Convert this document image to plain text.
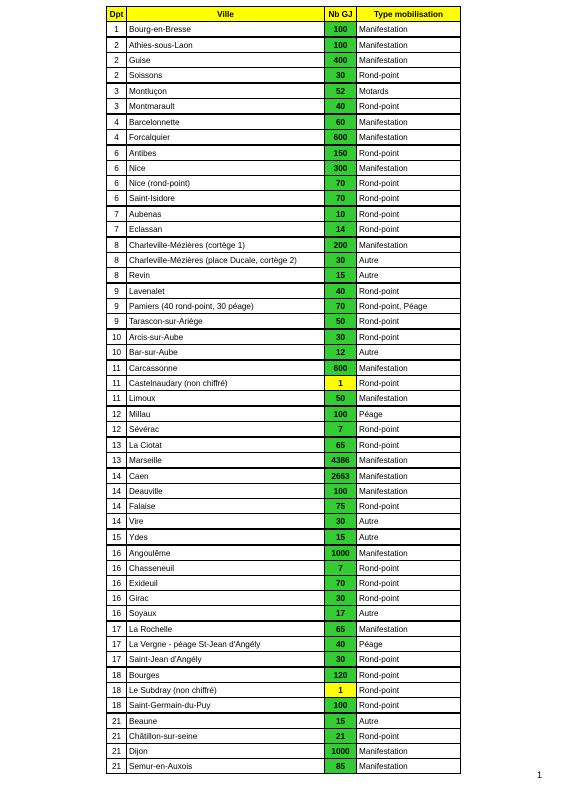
Dpt	Ville	Nb GJ	Type mobilisation
1	Bourg-en-Bresse	100	Manifestation
2	Athies-sous-Laon	100	Manifestation
2	Guise	400	Manifestation
2	Soissons	30	Rond-point
3	Montluçon	52	Motards
3	Montmarault	40	Rond-point
4	Barcelonnette	60	Manifestation
4	Forcalquier	600	Manifestation
6	Antibes	150	Rond-point
6	Nice	300	Manifestation
6	Nice (rond-point)	70	Rond-point
6	Saint-Isidore	70	Rond-point
7	Aubenas	10	Rond-point
7	Eclassan	14	Rond-point
8	Charleville-Mézières (cortège 1)	200	Manifestation
8	Charleville-Mézières (place Ducale, cortège 2)	30	Autre
8	Revin	15	Autre
9	Lavenalet	40	Rond-point
9	Pamiers (40 rond-point, 30 péage)	70	Rond-point, Péage
9	Tarascon-sur-Ariège	50	Rond-point
10	Arcis-sur-Aube	30	Rond-point
10	Bar-sur-Aube	12	Autre
11	Carcassonne	600	Manifestation
11	Castelnaudary (non chiffré)	1	Rond-point
11	Limoux	50	Manifestation
12	Millau	100	Péage
12	Sévérac	7	Rond-point
13	La Ciotat	65	Rond-point
13	Marseille	4386	Manifestation
14	Caen	2663	Manifestation
14	Deauville	100	Manifestation
14	Falaise	75	Rond-point
14	Vire	30	Autre
15	Ydes	15	Autre
16	Angoulême	1000	Manifestation
16	Chasseneuil	7	Rond-point
16	Exideuil	70	Rond-point
16	Girac	30	Rond-point
16	Soyaux	17	Autre
17	La Rochelle	65	Manifestation
17	La Vergne - péage St-Jean d'Angély	40	Péage
17	Saint-Jean d'Angély	30	Rond-point
18	Bourges	120	Rond-point
18	Le Subdray (non chiffré)	1	Rond-point
18	Saint-Germain-du-Puy	100	Rond-point
21	Beaune	15	Autre
21	Châtillon-sur-seine	21	Rond-point
21	Dijon	1000	Manifestation
21	Semur-en-Auxois	85	Manifestation
1
